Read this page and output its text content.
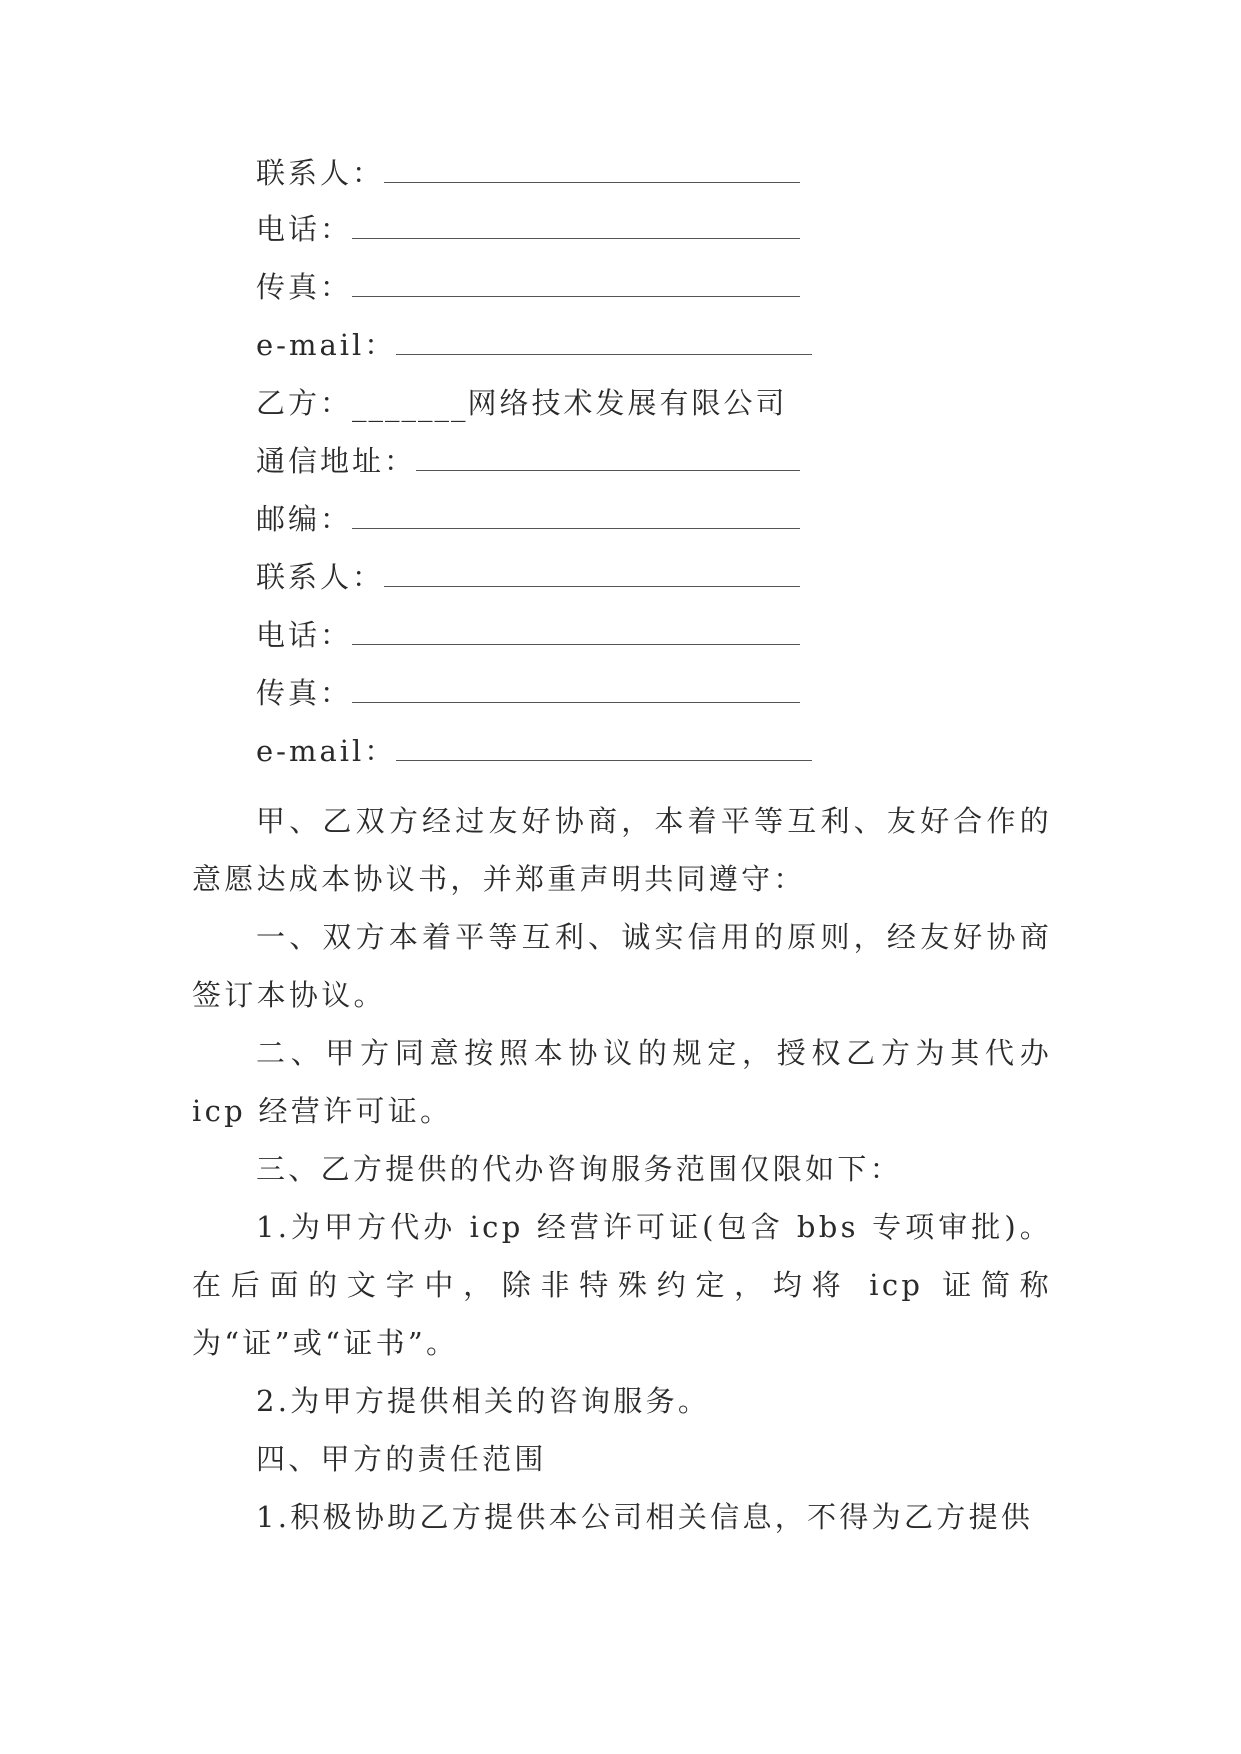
联系人：
电话：
传真：
e-mail：
乙方： _______ 网络技术发展有限公司
通信地址：
邮编：
联系人：
电话：
传真：
e-mail：

甲、乙双方经过友好协商，本着平等互利、友好合作的意愿达成本协议书，并郑重声明共同遵守：

一、双方本着平等互利、诚实信用的原则，经友好协商签订本协议。

二、甲方同意按照本协议的规定，授权乙方为其代办 icp 经营许可证。

三、乙方提供的代办咨询服务范围仅限如下：

1.为甲方代办 icp 经营许可证(包含 bbs 专项审批)。在后面的文字中，除非特殊约定，均将 icp 证简称为“证”或“证书”。

2.为甲方提供相关的咨询服务。

四、甲方的责任范围

1.积极协助乙方提供本公司相关信息，不得为乙方提供
